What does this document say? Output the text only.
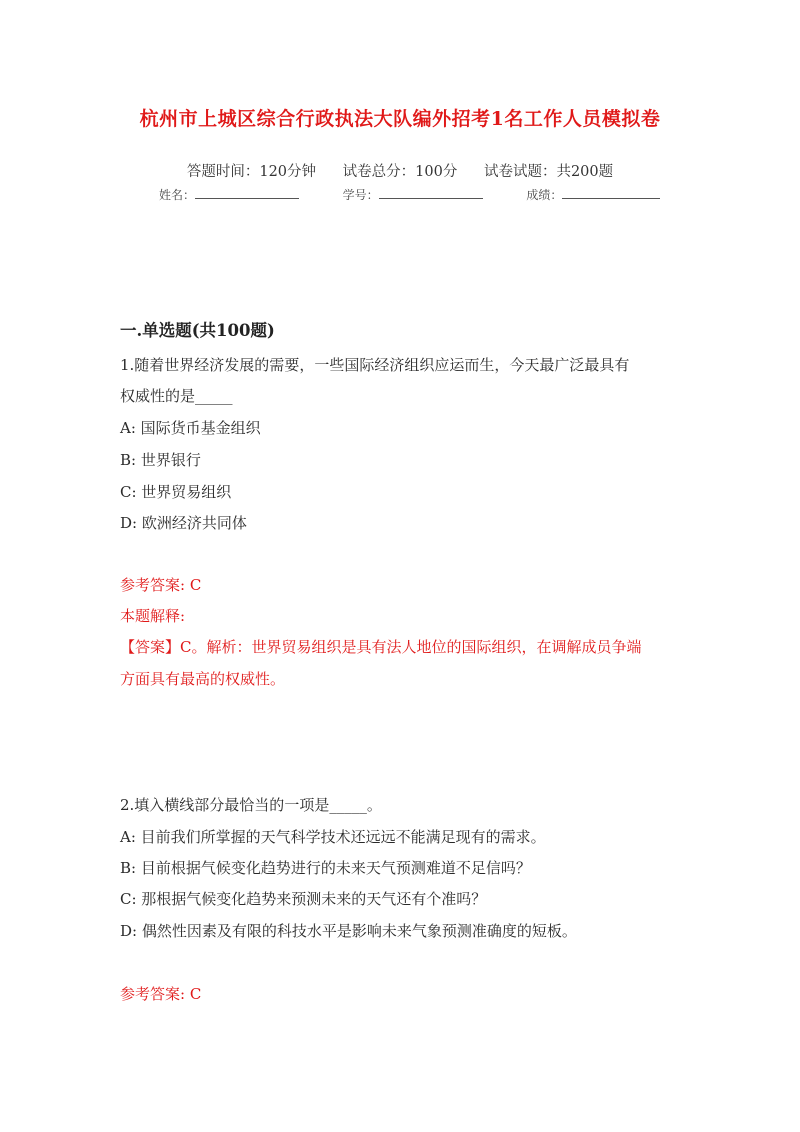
杭州市上城区综合行政执法大队编外招考1名工作人员模拟卷
答题时间：120分钟 试卷总分：100分 试卷试题：共200题
姓名：	学号：	成绩：
一.单选题(共100题)
1.随着世界经济发展的需要，一些国际经济组织应运而生，今天最广泛最具有
权威性的是_____
A: 国际货币基金组织
B: 世界银行
C: 世界贸易组织
D: 欧洲经济共同体
参考答案: C
本题解释:
【答案】C。解析：世界贸易组织是具有法人地位的国际组织，在调解成员争端
方面具有最高的权威性。
2.填入横线部分最恰当的一项是_____。
A: 目前我们所掌握的天气科学技术还远远不能满足现有的需求。
B: 目前根据气候变化趋势进行的未来天气预测难道不足信吗？
C: 那根据气候变化趋势来预测未来的天气还有个准吗？
D: 偶然性因素及有限的科技水平是影响未来气象预测准确度的短板。
参考答案: C
